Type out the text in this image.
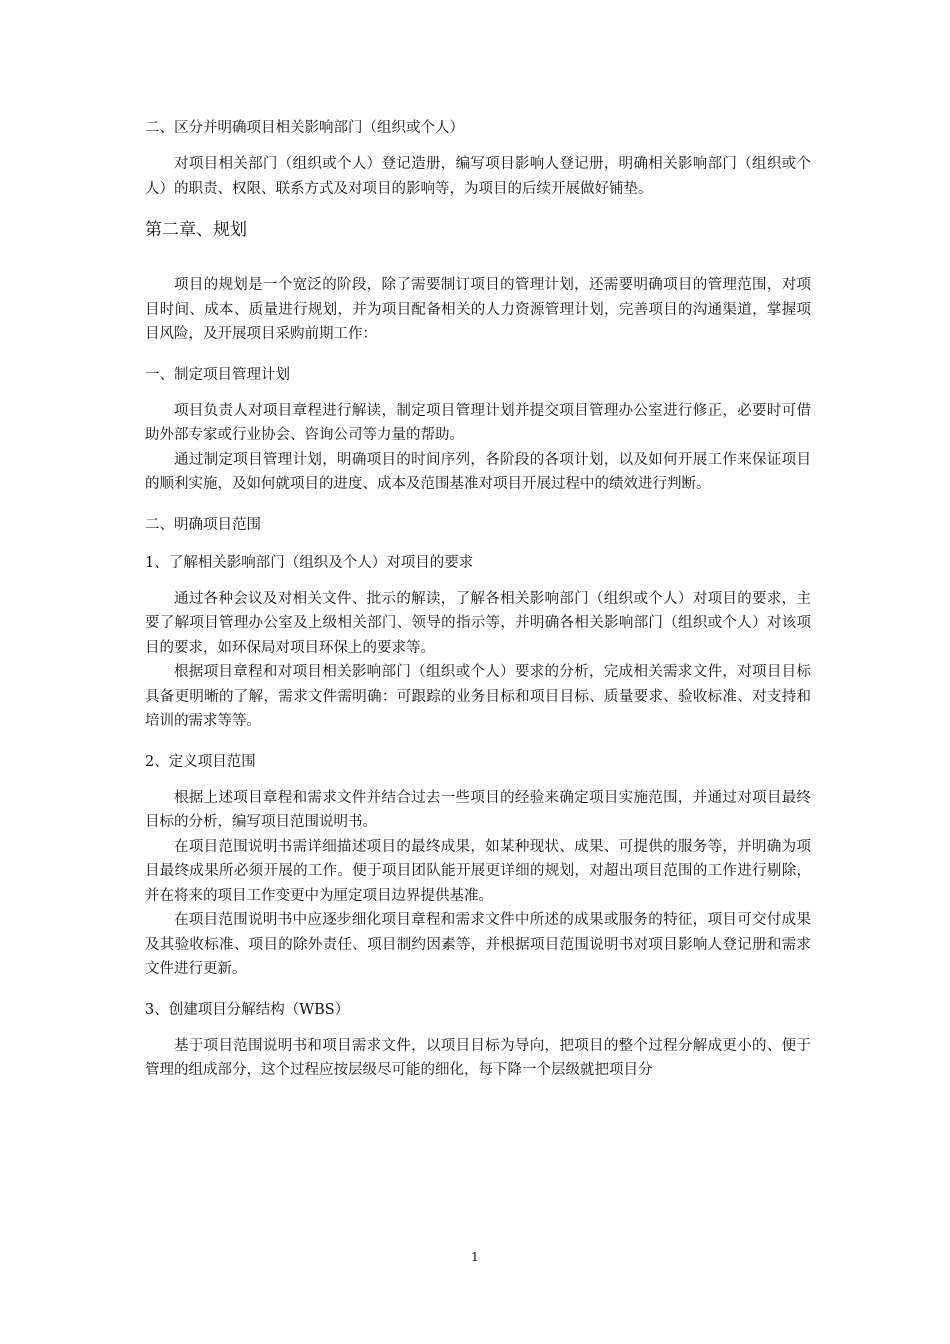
二、区分并明确项目相关影响部门（组织或个人）

对项目相关部门（组织或个人）登记造册，编写项目影响人登记册，明确相关影响部门（组织或个人）的职责、权限、联系方式及对项目的影响等，为项目的后续开展做好铺垫。

第二章、规划

项目的规划是一个宽泛的阶段，除了需要制订项目的管理计划，还需要明确项目的管理范围，对项目时间、成本、质量进行规划，并为项目配备相关的人力资源管理计划，完善项目的沟通渠道，掌握项目风险，及开展项目采购前期工作：

一、制定项目管理计划

项目负责人对项目章程进行解读，制定项目管理计划并提交项目管理办公室进行修正，必要时可借助外部专家或行业协会、咨询公司等力量的帮助。

通过制定项目管理计划，明确项目的时间序列，各阶段的各项计划，以及如何开展工作来保证项目的顺利实施，及如何就项目的进度、成本及范围基准对项目开展过程中的绩效进行判断。

二、明确项目范围

1、了解相关影响部门（组织及个人）对项目的要求

通过各种会议及对相关文件、批示的解读，了解各相关影响部门（组织或个人）对项目的要求，主要了解项目管理办公室及上级相关部门、领导的指示等，并明确各相关影响部门（组织或个人）对该项目的要求，如环保局对项目环保上的要求等。

根据项目章程和对项目相关影响部门（组织或个人）要求的分析，完成相关需求文件，对项目目标具备更明晰的了解，需求文件需明确：可跟踪的业务目标和项目目标、质量要求、验收标准、对支持和培训的需求等等。

2、定义项目范围

根据上述项目章程和需求文件并结合过去一些项目的经验来确定项目实施范围，并通过对项目最终目标的分析，编写项目范围说明书。

在项目范围说明书需详细描述项目的最终成果，如某种现状、成果、可提供的服务等，并明确为项目最终成果所必须开展的工作。便于项目团队能开展更详细的规划，对超出项目范围的工作进行剔除，并在将来的项目工作变更中为厘定项目边界提供基准。

在项目范围说明书中应逐步细化项目章程和需求文件中所述的成果或服务的特征，项目可交付成果及其验收标准、项目的除外责任、项目制约因素等，并根据项目范围说明书对项目影响人登记册和需求文件进行更新。

3、创建项目分解结构（WBS）

基于项目范围说明书和项目需求文件，以项目目标为导向，把项目的整个过程分解成更小的、便于管理的组成部分，这个过程应按层级尽可能的细化，每下降一个层级就把项目分

1
